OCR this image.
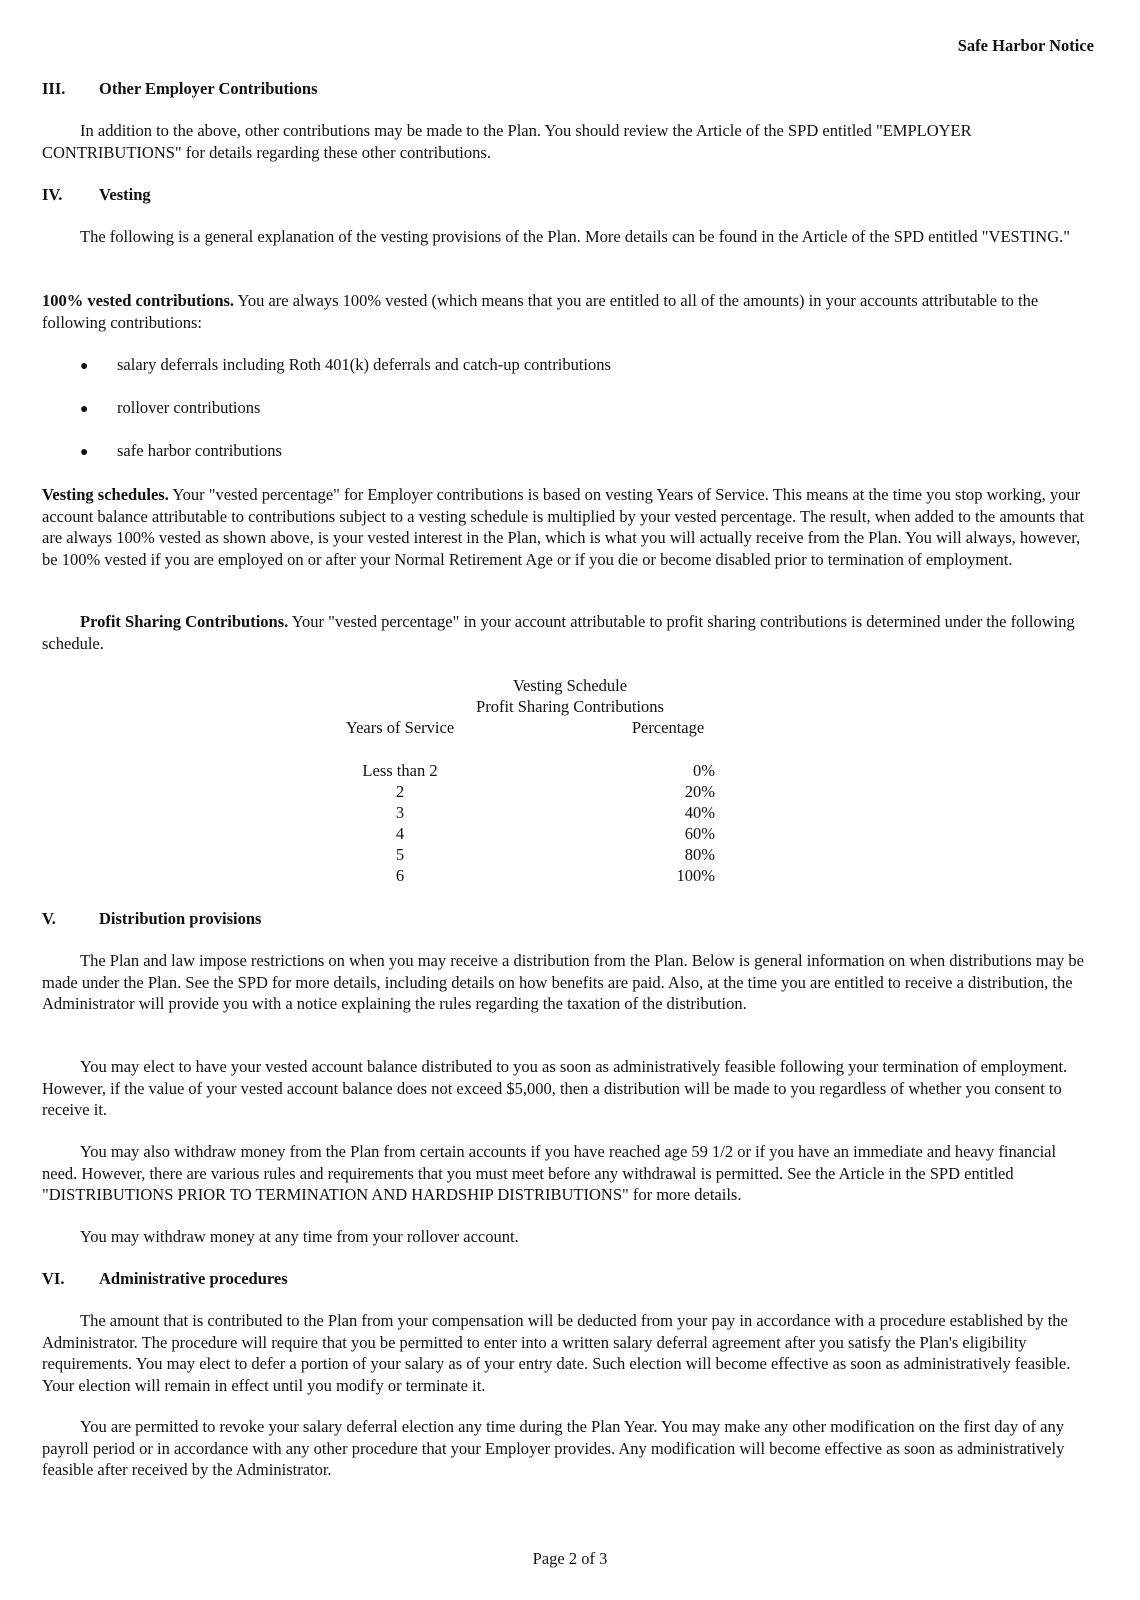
Safe Harbor Notice
III. Other Employer Contributions
In addition to the above, other contributions may be made to the Plan. You should review the Article of the SPD entitled "EMPLOYER CONTRIBUTIONS" for details regarding these other contributions.
IV. Vesting
The following is a general explanation of the vesting provisions of the Plan. More details can be found in the Article of the SPD entitled "VESTING."
100% vested contributions. You are always 100% vested (which means that you are entitled to all of the amounts) in your accounts attributable to the following contributions:
● salary deferrals including Roth 401(k) deferrals and catch-up contributions
● rollover contributions
● safe harbor contributions
Vesting schedules. Your "vested percentage" for Employer contributions is based on vesting Years of Service. This means at the time you stop working, your account balance attributable to contributions subject to a vesting schedule is multiplied by your vested percentage. The result, when added to the amounts that are always 100% vested as shown above, is your vested interest in the Plan, which is what you will actually receive from the Plan. You will always, however, be 100% vested if you are employed on or after your Normal Retirement Age or if you die or become disabled prior to termination of employment.
Profit Sharing Contributions. Your "vested percentage" in your account attributable to profit sharing contributions is determined under the following schedule.
Vesting Schedule
Profit Sharing Contributions
Years of Service	Percentage
Less than 2	0%
2	20%
3	40%
4	60%
5	80%
6	100%
V.	Distribution provisions
The Plan and law impose restrictions on when you may receive a distribution from the Plan. Below is general information on when distributions may be made under the Plan. See the SPD for more details, including details on how benefits are paid. Also, at the time you are entitled to receive a distribution, the Administrator will provide you with a notice explaining the rules regarding the taxation of the distribution.
You may elect to have your vested account balance distributed to you as soon as administratively feasible following your termination of employment. However, if the value of your vested account balance does not exceed $5,000, then a distribution will be made to you regardless of whether you consent to receive it.
You may also withdraw money from the Plan from certain accounts if you have reached age 59 1/2 or if you have an immediate and heavy financial need. However, there are various rules and requirements that you must meet before any withdrawal is permitted. See the Article in the SPD entitled "DISTRIBUTIONS PRIOR TO TERMINATION AND HARDSHIP DISTRIBUTIONS" for more details.
You may withdraw money at any time from your rollover account.
VI. Administrative procedures
The amount that is contributed to the Plan from your compensation will be deducted from your pay in accordance with a procedure established by the Administrator. The procedure will require that you be permitted to enter into a written salary deferral agreement after you satisfy the Plan's eligibility requirements. You may elect to defer a portion of your salary as of your entry date. Such election will become effective as soon as administratively feasible. Your election will remain in effect until you modify or terminate it.
You are permitted to revoke your salary deferral election any time during the Plan Year. You may make any other modification on the first day of any payroll period or in accordance with any other procedure that your Employer provides. Any modification will become effective as soon as administratively feasible after received by the Administrator.
Page 2 of 3
